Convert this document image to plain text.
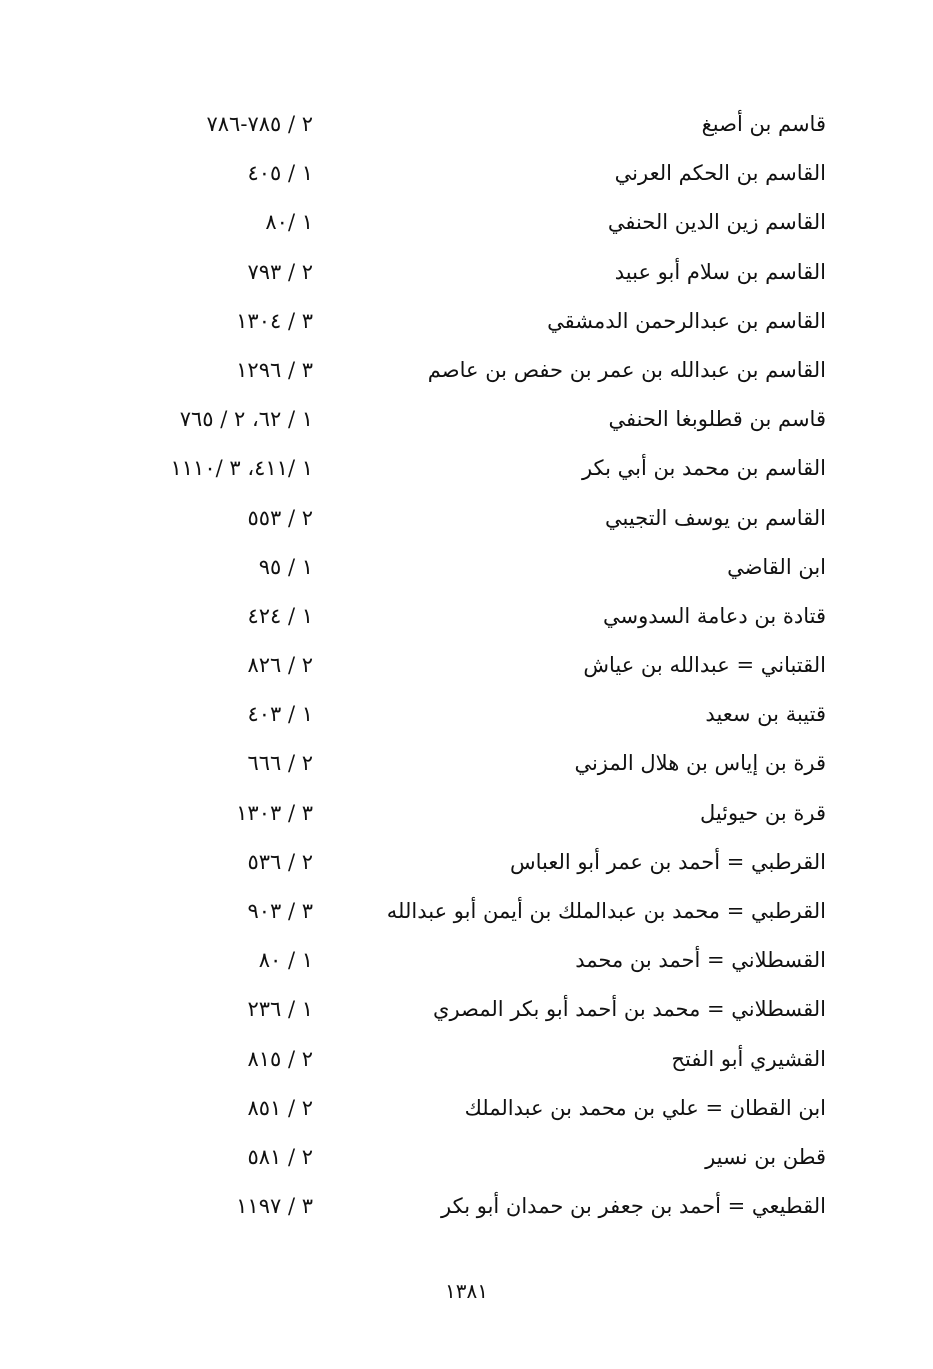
قاسم بن أصبغ
٢ / ٧٨٥-٧٨٦
القاسم بن الحكم العرني
١ / ٤٠٥
القاسم زين الدين الحنفي
١ /٨٠
القاسم بن سلام أبو عبيد
٢ / ٧٩٣
القاسم بن عبدالرحمن الدمشقي
٣ / ١٣٠٤
القاسم بن عبدالله بن عمر بن حفص بن عاصم
٣ / ١٢٩٦
قاسم بن قطلوبغا الحنفي
١ / ٦٢، ٢ / ٧٦٥
القاسم بن محمد بن أبي بكر
١ /٤١١، ٣ /١١١٠
القاسم بن يوسف التجيبي
٢ / ٥٥٣
ابن القاضي
١ / ٩٥
قتادة بن دعامة السدوسي
١ / ٤٢٤
القتباني = عبدالله بن عياش
٢ / ٨٢٦
قتيبة بن سعيد
١ / ٤٠٣
قرة بن إياس بن هلال المزني
٢ / ٦٦٦
قرة بن حيوئيل
٣ / ١٣٠٣
القرطبي = أحمد بن عمر أبو العباس
٢ / ٥٣٦
القرطبي = محمد بن عبدالملك بن أيمن أبو عبدالله
٣ / ٩٠٣
القسطلاني = أحمد بن محمد
١ / ٨٠
القسطلاني = محمد بن أحمد أبو بكر المصري
١ / ٢٣٦
القشيري أبو الفتح
٢ / ٨١٥
ابن القطان = علي بن محمد بن عبدالملك
٢ / ٨٥١
قطن بن نسير
٢ / ٥٨١
القطيعي = أحمد بن جعفر بن حمدان أبو بكر
٣ / ١١٩٧
١٣٨١
